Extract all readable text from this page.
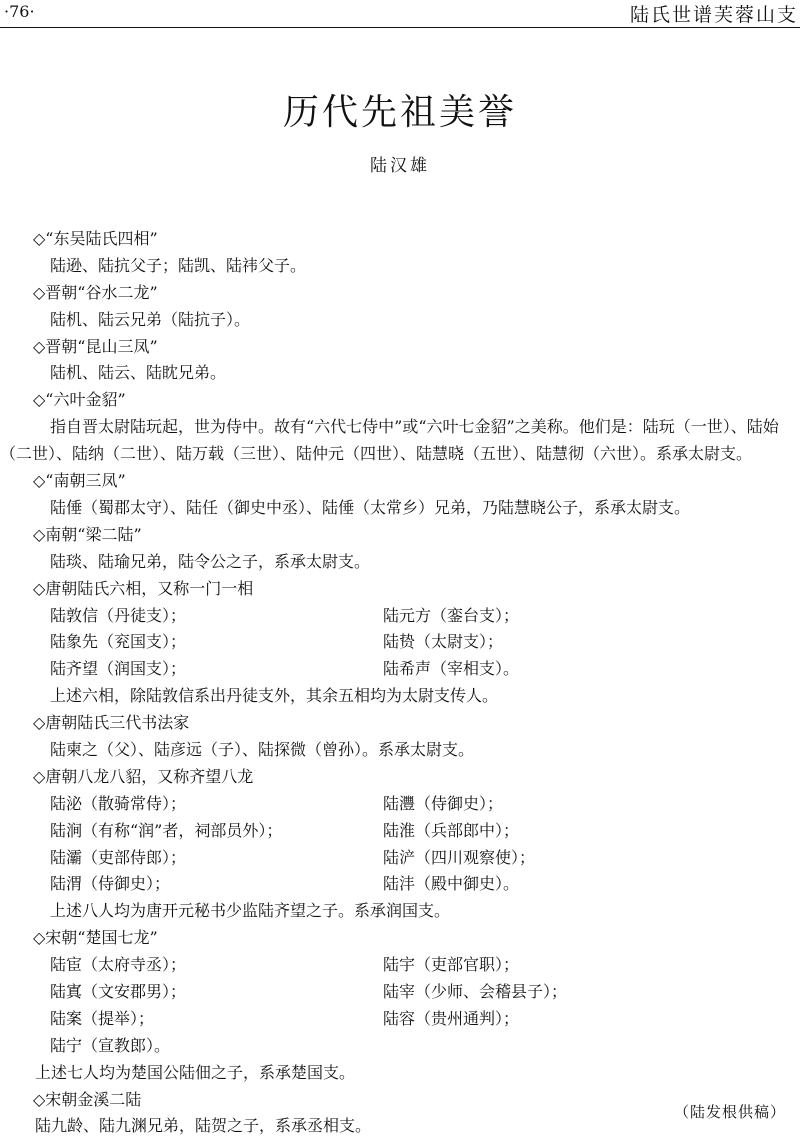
·76·	陆氏世谱芙蓉山支
历代先祖美誉
陆汉雄
◇“东吴陆氏四相”
陆逊、陆抗父子；陆凯、陆祎父子。
◇晋朝“谷水二龙”
陆机、陆云兄弟（陆抗子）。
◇晋朝“昆山三凤”
陆机、陆云、陆眈兄弟。
◇“六叶金貂”
指自晋太尉陆玩起，世为侍中。故有“六代七侍中”或“六叶七金貂”之美称。他们是：陆玩（一世）、陆始（二世）、陆纳（二世）、陆万载（三世）、陆仲元（四世）、陆慧晓（五世）、陆慧彻（六世）。系承太尉支。
◇“南朝三凤”
陆倕（蜀郡太守）、陆任（御史中丞）、陆倕（太常乡）兄弟，乃陆慧晓公子，系承太尉支。
◇南朝“梁二陆”
陆琰、陆瑜兄弟，陆令公之子，系承太尉支。
◇唐朝陆氏六相，又称一门一相
陆敦信（丹徒支）；	陆元方（銮台支）；
陆象先（兖国支）；	陆贽（太尉支）；
陆齐望（润国支）；	陆希声（宰相支）。
上述六相，除陆敦信系出丹徒支外，其余五相均为太尉支传人。
◇唐朝陆氏三代书法家
陆柬之（父）、陆彦远（子）、陆探微（曾孙）。系承太尉支。
◇唐朝八龙八貂，又称齐望八龙
陆泌（散骑常侍）；	陆灃（侍御史）；
陆涧（有称“润”者，祠部员外）；	陆淮（兵部郎中）；
陆灞（吏部侍郎）；	陆浐（四川观察使）；
陆渭（侍御史）；	陆沣（殿中御史）。
上述八人均为唐开元秘书少监陆齐望之子。系承润国支。
◇宋朝“楚国七龙”
陆宦（太府寺丞）；	陆宇（吏部官职）；
陆寘（文安郡男）；	陆宰（少师、会稽县子）；
陆案（提举）；	陆容（贵州通判）；
陆宁（宣教郎）。
上述七人均为楚国公陆佃之子，系承楚国支。
◇宋朝金溪二陆
陆九龄、陆九渊兄弟，陆贺之子，系承丞相支。
（陆发根供稿）
